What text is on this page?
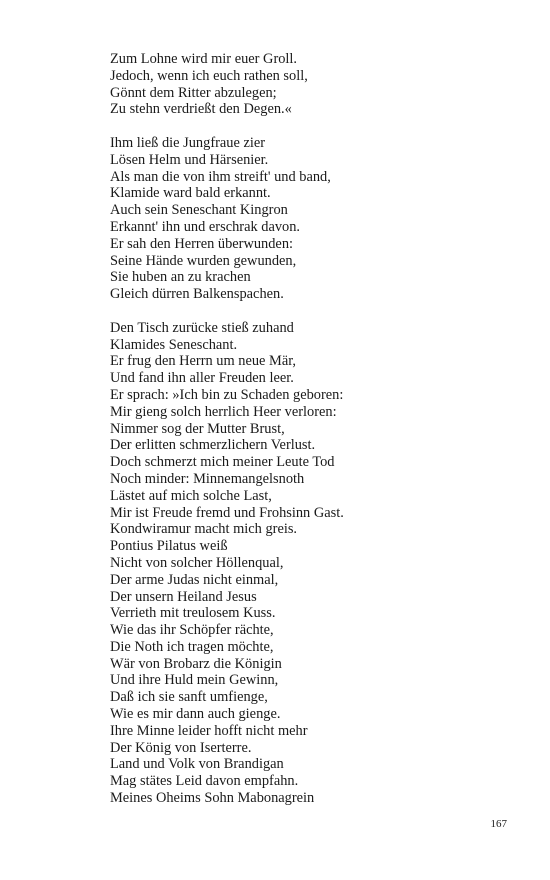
Zum Lohne wird mir euer Groll.
Jedoch, wenn ich euch rathen soll,
Gönnt dem Ritter abzulegen;
Zu stehn verdrießt den Degen.«
Ihm ließ die Jungfraue zier
Lösen Helm und Härsenier.
Als man die von ihm streift' und band,
Klamide ward bald erkannt.
Auch sein Seneschant Kingron
Erkannt' ihn und erschrak davon.
Er sah den Herren überwunden:
Seine Hände wurden gewunden,
Sie huben an zu krachen
Gleich dürren Balkenspachen.
Den Tisch zurücke stieß zuhand
Klamides Seneschant.
Er frug den Herrn um neue Mär,
Und fand ihn aller Freuden leer.
Er sprach: »Ich bin zu Schaden geboren:
Mir gieng solch herrlich Heer verloren:
Nimmer sog der Mutter Brust,
Der erlitten schmerzlichern Verlust.
Doch schmerzt mich meiner Leute Tod
Noch minder: Minnemangelsnoth
Lästet auf mich solche Last,
Mir ist Freude fremd und Frohsinn Gast.
Kondwiramur macht mich greis.
Pontius Pilatus weiß
Nicht von solcher Höllenqual,
Der arme Judas nicht einmal,
Der unsern Heiland Jesus
Verrieth mit treulosem Kuss.
Wie das ihr Schöpfer rächte,
Die Noth ich tragen möchte,
Wär von Brobarz die Königin
Und ihre Huld mein Gewinn,
Daß ich sie sanft umfienge,
Wie es mir dann auch gienge.
Ihre Minne leider hofft nicht mehr
Der König von Iserterre.
Land und Volk von Brandigan
Mag stätes Leid davon empfahn.
Meines Oheims Sohn Mabonagrein
167
